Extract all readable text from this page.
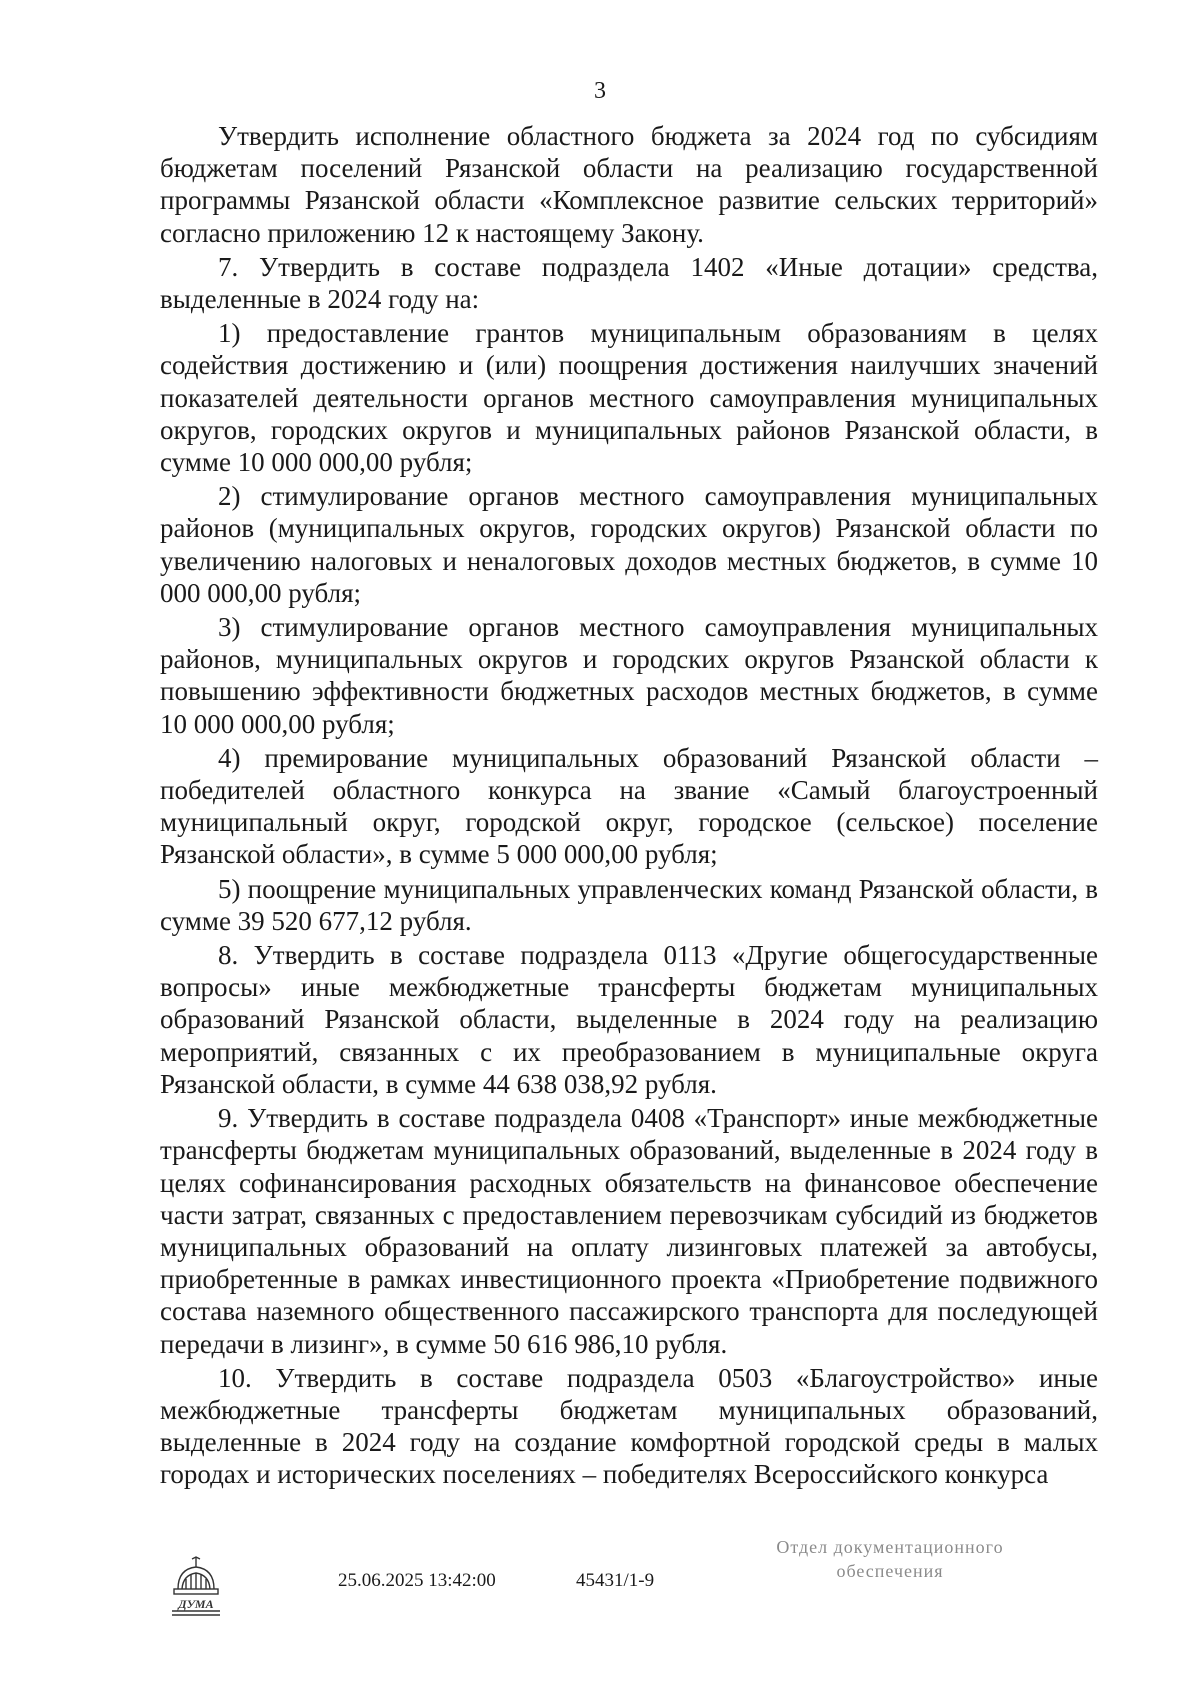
3

Утвердить исполнение областного бюджета за 2024 год по субсидиям бюджетам поселений Рязанской области на реализацию государственной программы Рязанской области «Комплексное развитие сельских территорий» согласно приложению 12 к настоящему Закону.

7. Утвердить в составе подраздела 1402 «Иные дотации» средства, выделенные в 2024 году на:

1) предоставление грантов муниципальным образованиям в целях содействия достижению и (или) поощрения достижения наилучших значений показателей деятельности органов местного самоуправления муниципальных округов, городских округов и муниципальных районов Рязанской области, в сумме 10 000 000,00 рубля;

2) стимулирование органов местного самоуправления муниципальных районов (муниципальных округов, городских округов) Рязанской области по увеличению налоговых и неналоговых доходов местных бюджетов, в сумме 10 000 000,00 рубля;

3) стимулирование органов местного самоуправления муниципальных районов, муниципальных округов и городских округов Рязанской области к повышению эффективности бюджетных расходов местных бюджетов, в сумме 10 000 000,00 рубля;

4) премирование муниципальных образований Рязанской области – победителей областного конкурса на звание «Самый благоустроенный муниципальный округ, городской округ, городское (сельское) поселение Рязанской области», в сумме 5 000 000,00 рубля;

5) поощрение муниципальных управленческих команд Рязанской области, в сумме 39 520 677,12 рубля.

8. Утвердить в составе подраздела 0113 «Другие общегосударственные вопросы» иные межбюджетные трансферты бюджетам муниципальных образований Рязанской области, выделенные в 2024 году на реализацию мероприятий, связанных с их преобразованием в муниципальные округа Рязанской области, в сумме 44 638 038,92 рубля.

9. Утвердить в составе подраздела 0408 «Транспорт» иные межбюджетные трансферты бюджетам муниципальных образований, выделенные в 2024 году в целях софинансирования расходных обязательств на финансовое обеспечение части затрат, связанных с предоставлением перевозчикам субсидий из бюджетов муниципальных образований на оплату лизинговых платежей за автобусы, приобретенные в рамках инвестиционного проекта «Приобретение подвижного состава наземного общественного пассажирского транспорта для последующей передачи в лизинг», в сумме 50 616 986,10 рубля.

10. Утвердить в составе подраздела 0503 «Благоустройство» иные межбюджетные трансферты бюджетам муниципальных образований, выделенные в 2024 году на создание комфортной городской среды в малых городах и исторических поселениях – победителях Всероссийского конкурса

ДУМА
25.06.2025 13:42:00	45431/1-9
Отдел документационного
обеспечения
